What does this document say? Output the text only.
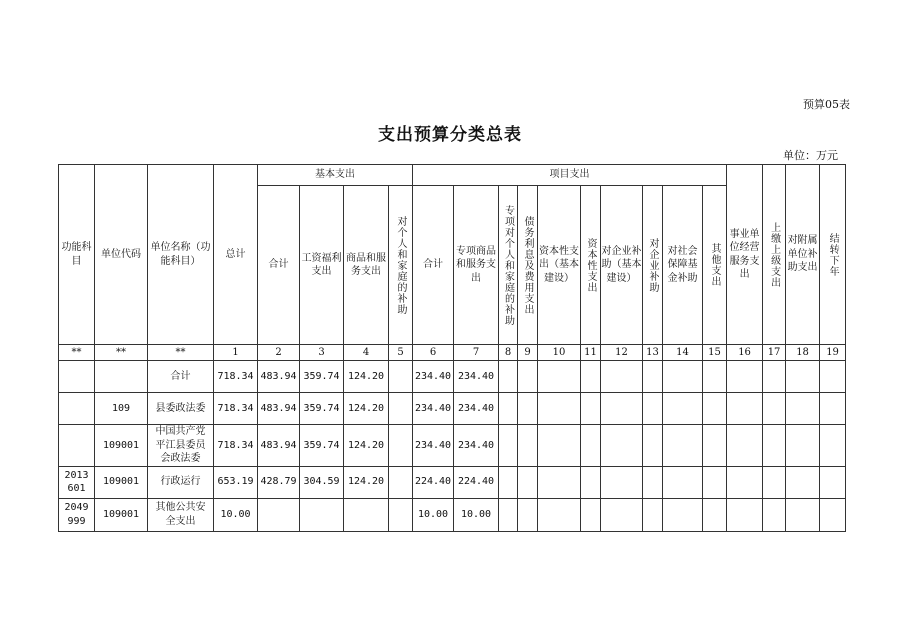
预算05表
支出预算分类总表
单位：万元
功能科目	单位代码	单位名称（功能科目）	总计	基本支出				项目支出										事业单位经营服务支出	上缴上级支出	对附属单位补助支出	结转下年

				合计	工资福利支出	商品和服务支出	对个人和家庭的补助	合计	专项商品和服务支出	专项对个人和家庭的补助	债务利息及费用支出	资本性支出（基本建设）	资本性支出	对企业补助（基本建设）	对企业补助	对社会保障基金补助	其他支出				

**	**	**	1	2	3	4	5	6	7	8	9	10	11	12	13	14	15	16	17	18	19
		合计	718.34	483.94	359.74	124.20		234.40	234.40												
	109	县委政法委	718.34	483.94	359.74	124.20		234.40	234.40												
	109001	中国共产党平江县委员会政法委	718.34	483.94	359.74	124.20		234.40	234.40												
2013601	109001	行政运行	653.19	428.79	304.59	124.20		224.40	224.40												
2049999	109001	其他公共安全支出	10.00					10.00	10.00												
